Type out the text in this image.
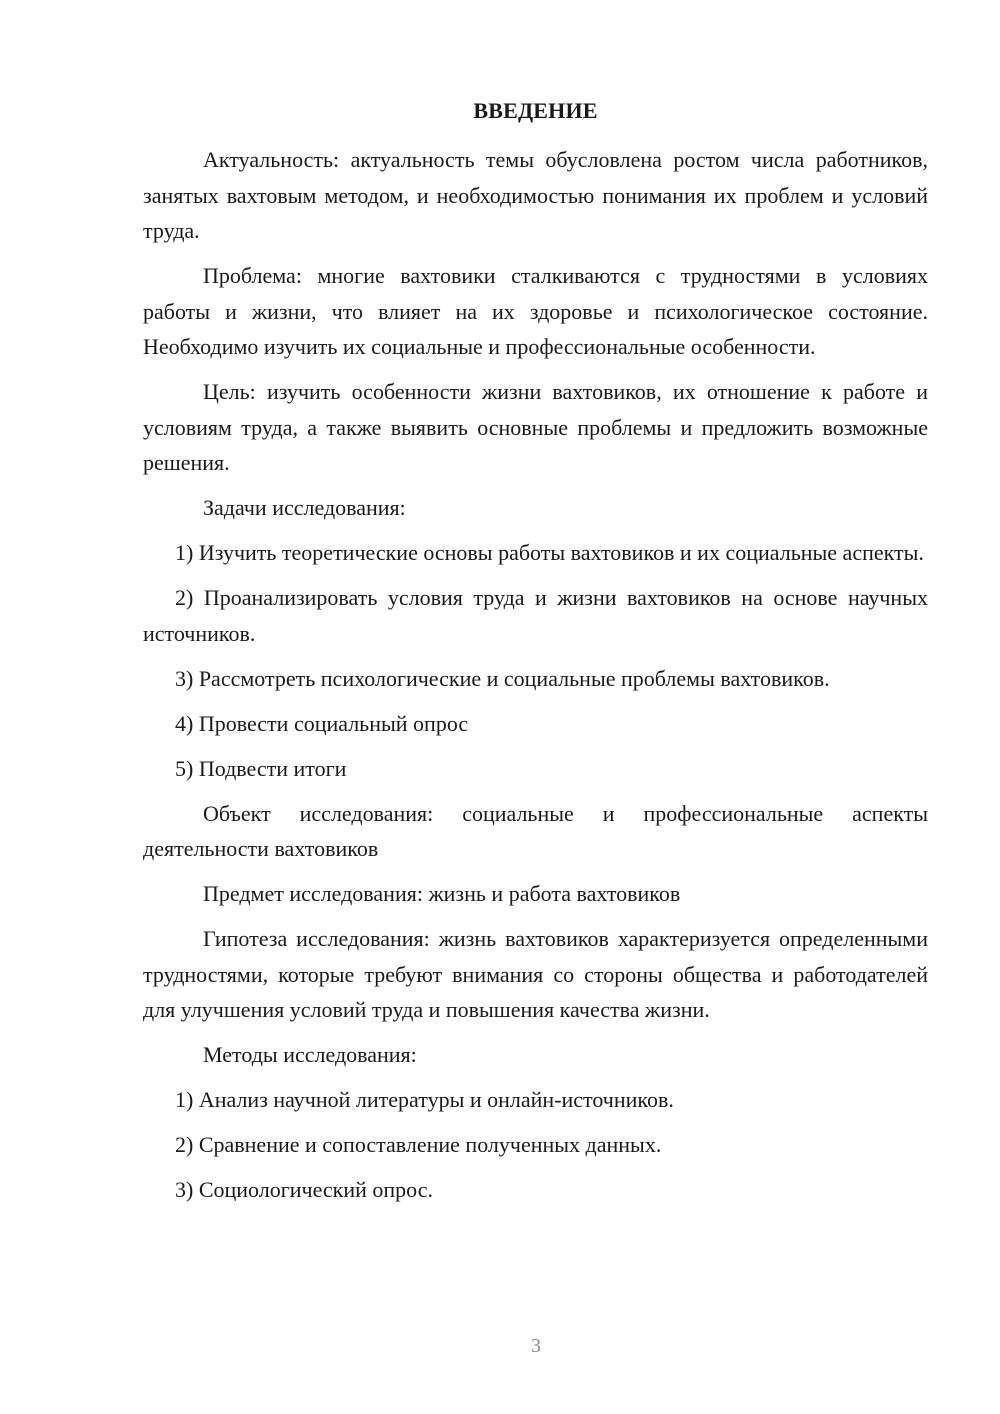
ВВЕДЕНИЕ

Актуальность: актуальность темы обусловлена ростом числа работников, занятых вахтовым методом, и необходимостью понимания их проблем и условий труда.

Проблема: многие вахтовики сталкиваются с трудностями в условиях работы и жизни, что влияет на их здоровье и психологическое состояние. Необходимо изучить их социальные и профессиональные особенности.

Цель: изучить особенности жизни вахтовиков, их отношение к работе и условиям труда, а также выявить основные проблемы и предложить возможные решения.

Задачи исследования:

1) Изучить теоретические основы работы вахтовиков и их социальные аспекты.

2) Проанализировать условия труда и жизни вахтовиков на основе научных источников.

3) Рассмотреть психологические и социальные проблемы вахтовиков.

4) Провести социальный опрос

5) Подвести итоги

Объект исследования: социальные и профессиональные аспекты деятельности вахтовиков

Предмет исследования: жизнь и работа вахтовиков

Гипотеза исследования: жизнь вахтовиков характеризуется определенными трудностями, которые требуют внимания со стороны общества и работодателей для улучшения условий труда и повышения качества жизни.

Методы исследования:

1) Анализ научной литературы и онлайн-источников.

2) Сравнение и сопоставление полученных данных.

3) Социологический опрос.

3
